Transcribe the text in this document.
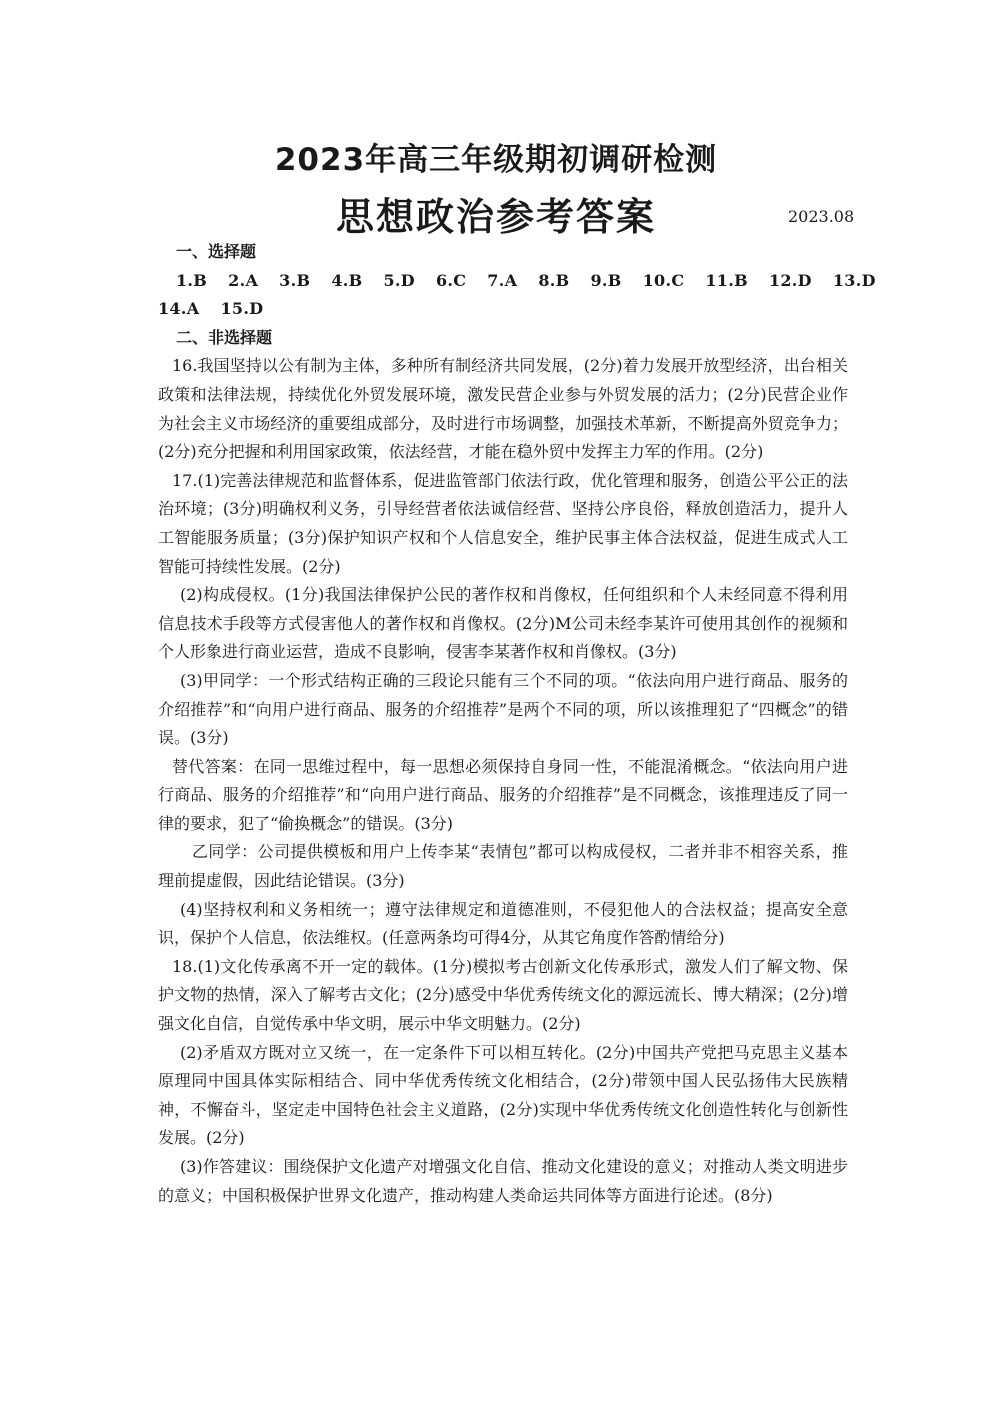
2023年高三年级期初调研检测
思想政治参考答案	2023.08
一、选择题
1.B 2.A 3.B 4.B 5.D 6.C 7.A 8.B 9.B 10.C 11.B 12.D 13.D
14.A 15.D
二、非选择题

16.我国坚持以公有制为主体，多种所有制经济共同发展，(2分)着力发展开放型经济，出台相关政策和法律法规，持续优化外贸发展环境，激发民营企业参与外贸发展的活力；(2分)民营企业作为社会主义市场经济的重要组成部分，及时进行市场调整，加强技术革新，不断提高外贸竞争力；(2分)充分把握和利用国家政策，依法经营，才能在稳外贸中发挥主力军的作用。(2分)

17.(1)完善法律规范和监督体系，促进监管部门依法行政，优化管理和服务，创造公平公正的法治环境；(3分)明确权利义务，引导经营者依法诚信经营、坚持公序良俗，释放创造活力，提升人工智能服务质量；(3分)保护知识产权和个人信息安全，维护民事主体合法权益，促进生成式人工智能可持续性发展。(2分)

(2)构成侵权。(1分)我国法律保护公民的著作权和肖像权，任何组织和个人未经同意不得利用信息技术手段等方式侵害他人的著作权和肖像权。(2分)M公司未经李某许可使用其创作的视频和个人形象进行商业运营，造成不良影响，侵害李某著作权和肖像权。(3分)

(3)甲同学：一个形式结构正确的三段论只能有三个不同的项。“依法向用户进行商品、服务的介绍推荐”和“向用户进行商品、服务的介绍推荐”是两个不同的项，所以该推理犯了“四概念”的错误。(3分)

替代答案：在同一思维过程中，每一思想必须保持自身同一性，不能混淆概念。“依法向用户进行商品、服务的介绍推荐”和“向用户进行商品、服务的介绍推荐”是不同概念，该推理违反了同一律的要求，犯了“偷换概念”的错误。(3分)

乙同学：公司提供模板和用户上传李某“表情包”都可以构成侵权，二者并非不相容关系，推理前提虚假，因此结论错误。(3分)

(4)坚持权利和义务相统一；遵守法律规定和道德准则，不侵犯他人的合法权益；提高安全意识，保护个人信息，依法维权。(任意两条均可得4分，从其它角度作答酌情给分)

18.(1)文化传承离不开一定的载体。(1分)模拟考古创新文化传承形式，激发人们了解文物、保护文物的热情，深入了解考古文化；(2分)感受中华优秀传统文化的源远流长、博大精深；(2分)增强文化自信，自觉传承中华文明，展示中华文明魅力。(2分)

(2)矛盾双方既对立又统一，在一定条件下可以相互转化。(2分)中国共产党把马克思主义基本原理同中国具体实际相结合、同中华优秀传统文化相结合，(2分)带领中国人民弘扬伟大民族精神，不懈奋斗，坚定走中国特色社会主义道路，(2分)实现中华优秀传统文化创造性转化与创新性发展。(2分)

(3)作答建议：围绕保护文化遗产对增强文化自信、推动文化建设的意义；对推动人类文明进步的意义；中国积极保护世界文化遗产，推动构建人类命运共同体等方面进行论述。(8分)
